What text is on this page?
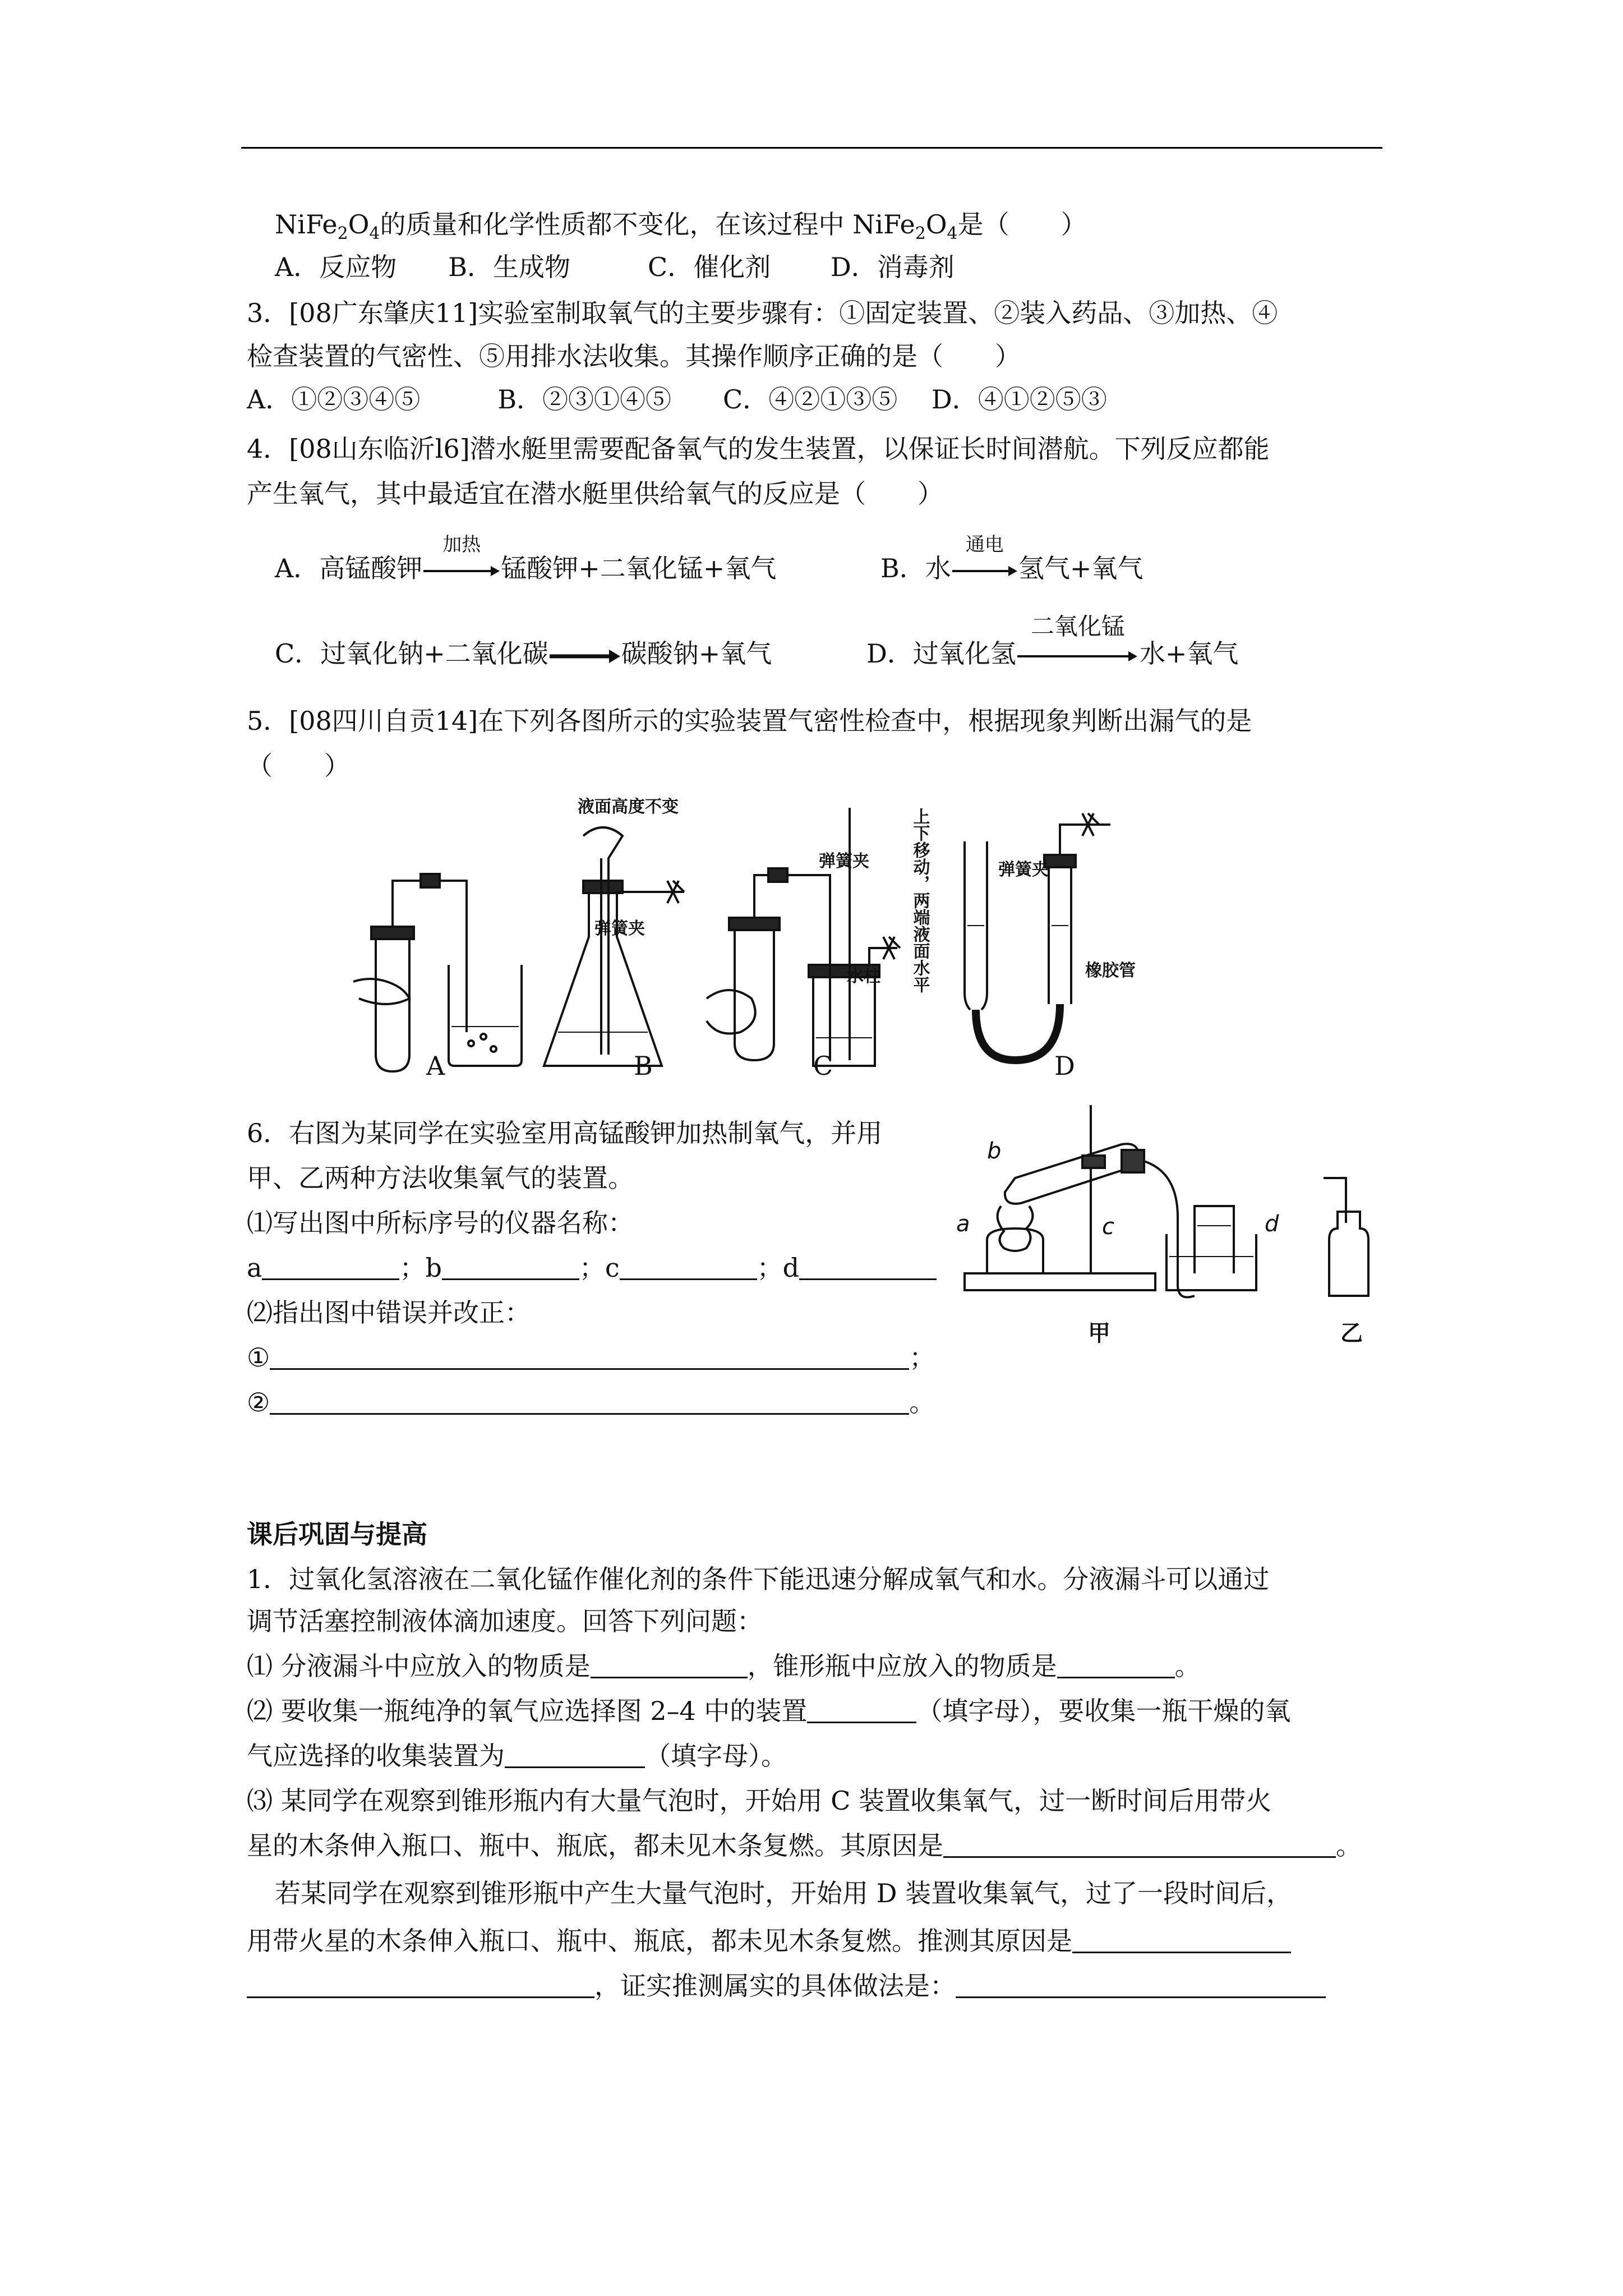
$NiFe_2O_4$的质量和化学性质都不变化，在该过程中 $NiFe_2O_4$是（　　）
A．反应物　　B．生成物　　　C．催化剂　　 D．消毒剂
3．[08广东肇庆11]实验室制取氧气的主要步骤有：①固定装置、②装入药品、③加热、④
检查装置的气密性、⑤用排水法收集。其操作顺序正确的是（　　）
A．①②③④⑤　　　B．②③①④⑤　　C．④②①③⑤　 D．④①②⑤③
4．[08山东临沂l6]潜水艇里需要配备氧气的发生装置，以保证长时间潜航。下列反应都能
产生氧气，其中最适宜在潜水艇里供给氧气的反应是（　　）
A．高锰酸钾
加热
锰酸钾+二氧化锰+氧气	B．水
通电
氢气+氧气
C．过氧化钠+二氧化碳	碳酸钠+氧气	D．过氧化氢
二氧化锰
水+氧气
5．[08四川自贡14]在下列各图所示的实验装置气密性检查中，根据现象判断出漏气的是
（　　）
液面高度不变
弹簧夹
弹簧夹
水柱
弹簧夹
橡胶管
上下移动，两端液面水平
A	B	C	D
6．右图为某同学在实验室用高锰酸钾加热制氧气，并用
甲、乙两种方法收集氧气的装置。
⑴写出图中所标序号的仪器名称：
a	；b	；c	；d
⑵指出图中错误并改正：
①	；
②	。
a
b
c	d
甲	乙
课后巩固与提高
1．过氧化氢溶液在二氧化锰作催化剂的条件下能迅速分解成氧气和水。分液漏斗可以通过
调节活塞控制液体滴加速度。回答下列问题：
⑴ 分液漏斗中应放入的物质是	，锥形瓶中应放入的物质是	。
⑵ 要收集一瓶纯净的氧气应选择图 2–4 中的装置	（填字母），要收集一瓶干燥的氧
气应选择的收集装置为	（填字母）。
⑶ 某同学在观察到锥形瓶内有大量气泡时，开始用 C 装置收集氧气，过一断时间后用带火
星的木条伸入瓶口、瓶中、瓶底，都未见木条复燃。其原因是	。
若某同学在观察到锥形瓶中产生大量气泡时，开始用 D 装置收集氧气，过了一段时间后，
用带火星的木条伸入瓶口、瓶中、瓶底，都未见木条复燃。推测其原因是
，证实推测属实的具体做法是：
